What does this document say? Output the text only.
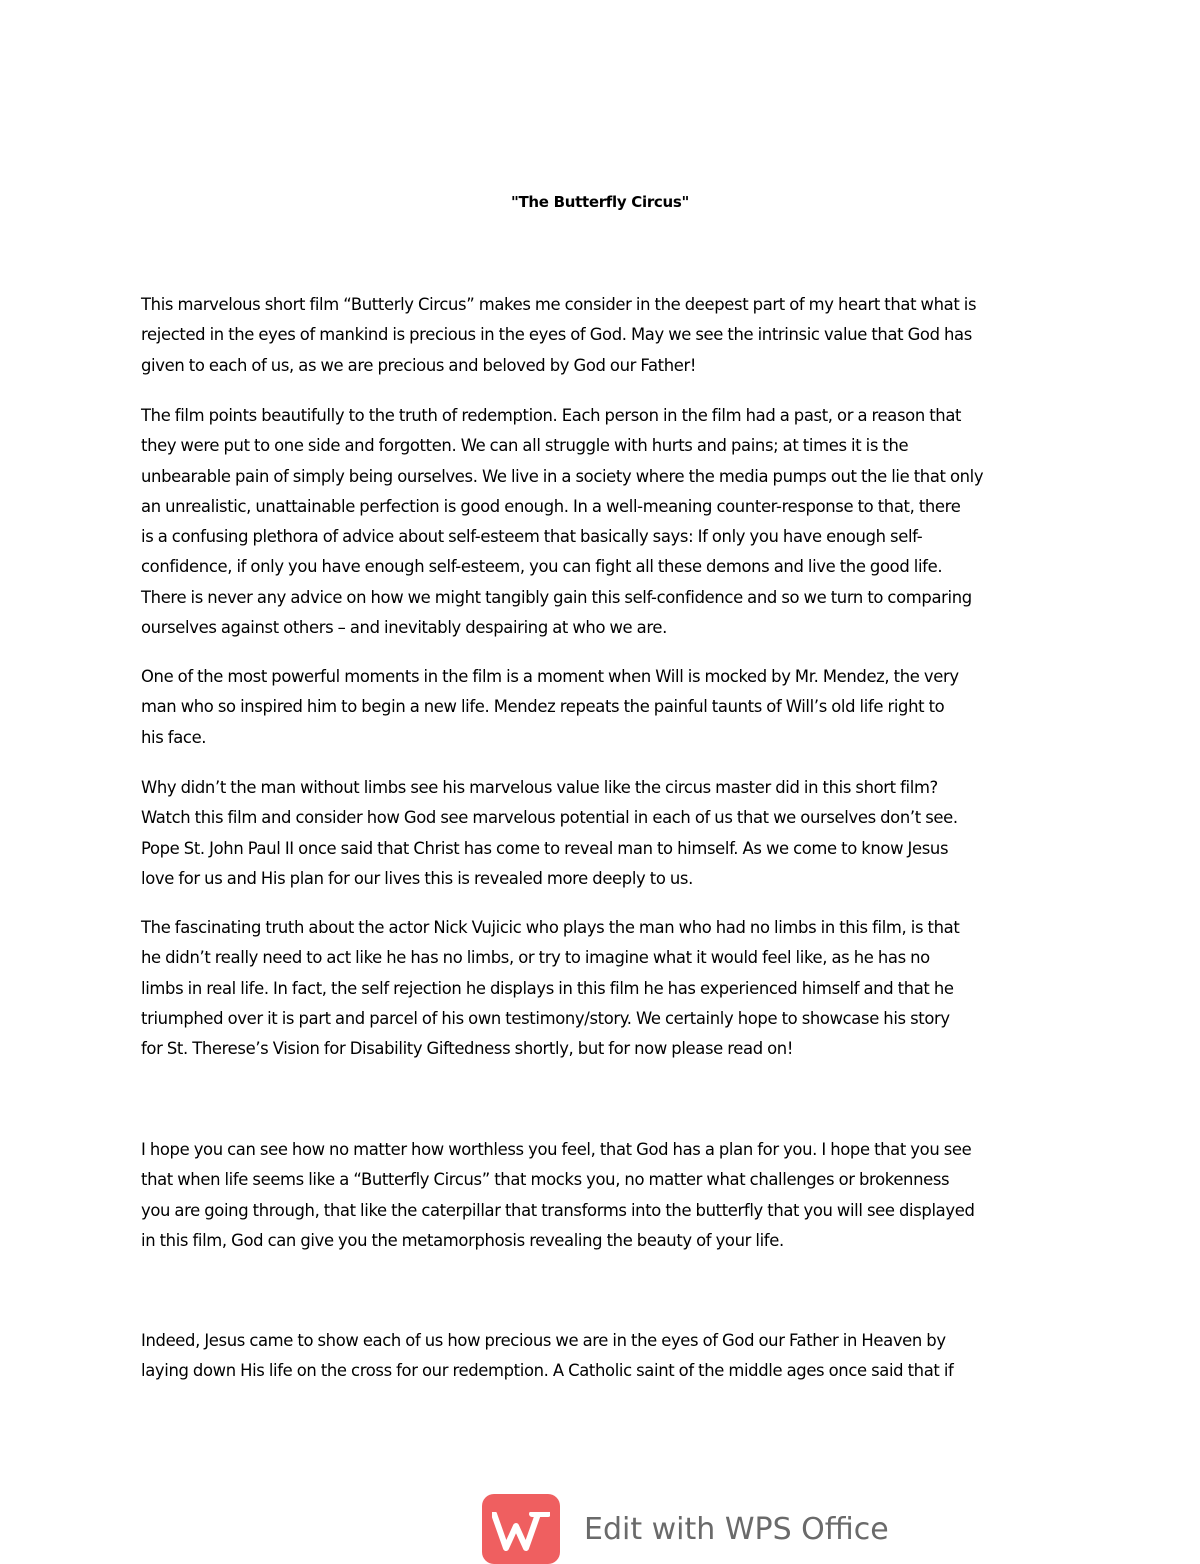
"The Butterfly Circus"

This marvelous short film “Butterly Circus” makes me consider in the deepest part of my heart that what is

rejected in the eyes of mankind is precious in the eyes of God. May we see the intrinsic value that God has

given to each of us, as we are precious and beloved by God our Father!

The film points beautifully to the truth of redemption. Each person in the film had a past, or a reason that

they were put to one side and forgotten. We can all struggle with hurts and pains; at times it is the

unbearable pain of simply being ourselves. We live in a society where the media pumps out the lie that only

an unrealistic, unattainable perfection is good enough. In a well-meaning counter-response to that, there

is a confusing plethora of advice about self-esteem that basically says: If only you have enough self-

confidence, if only you have enough self-esteem, you can fight all these demons and live the good life.

There is never any advice on how we might tangibly gain this self-confidence and so we turn to comparing

ourselves against others – and inevitably despairing at who we are.

One of the most powerful moments in the film is a moment when Will is mocked by Mr. Mendez, the very

man who so inspired him to begin a new life. Mendez repeats the painful taunts of Will’s old life right to

his face.

Why didn’t the man without limbs see his marvelous value like the circus master did in this short film?

Watch this film and consider how God see marvelous potential in each of us that we ourselves don’t see.

Pope St. John Paul II once said that Christ has come to reveal man to himself. As we come to know Jesus

love for us and His plan for our lives this is revealed more deeply to us.

The fascinating truth about the actor Nick Vujicic who plays the man who had no limbs in this film, is that

he didn’t really need to act like he has no limbs, or try to imagine what it would feel like, as he has no

limbs in real life. In fact, the self rejection he displays in this film he has experienced himself and that he

triumphed over it is part and parcel of his own testimony/story. We certainly hope to showcase his story

for St. Therese’s Vision for Disability Giftedness shortly, but for now please read on!

I hope you can see how no matter how worthless you feel, that God has a plan for you. I hope that you see

that when life seems like a “Butterfly Circus” that mocks you, no matter what challenges or brokenness

you are going through, that like the caterpillar that transforms into the butterfly that you will see displayed

in this film, God can give you the metamorphosis revealing the beauty of your life.

Indeed, Jesus came to show each of us how precious we are in the eyes of God our Father in Heaven by

laying down His life on the cross for our redemption. A Catholic saint of the middle ages once said that if

Edit with WPS Office
